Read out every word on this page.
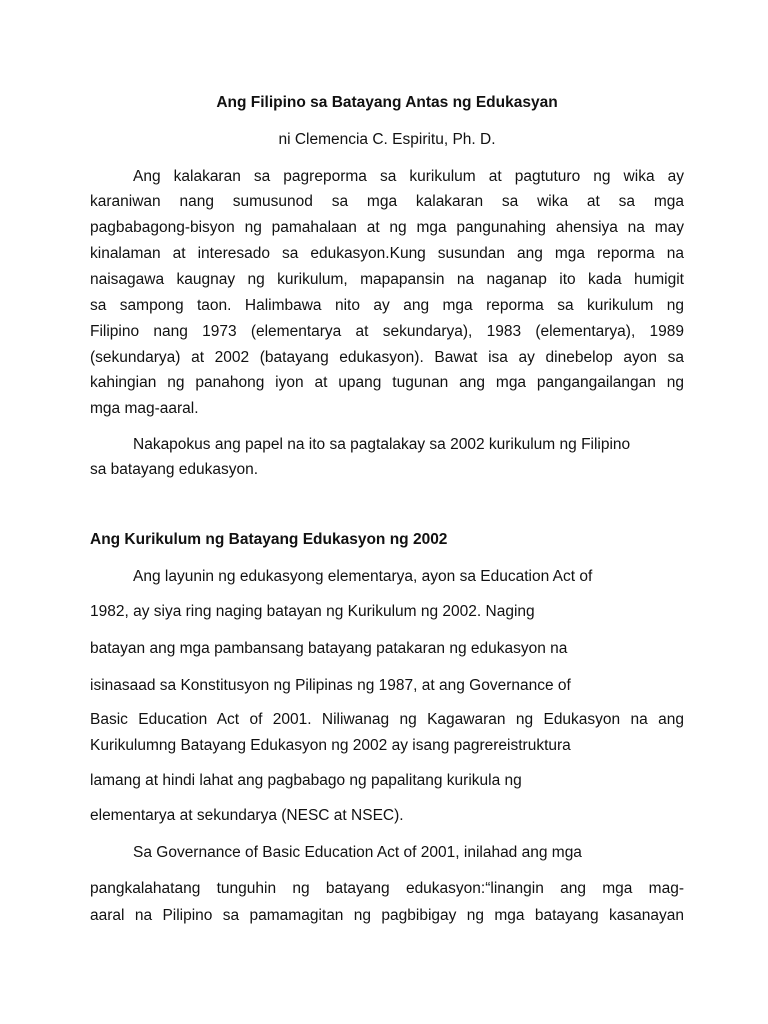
Ang Filipino sa Batayang Antas ng Edukasyan

ni Clemencia C. Espiritu, Ph. D.

Ang kalakaran sa pagreporma sa kurikulum at pagtuturo ng wika ay

karaniwan nang sumusunod sa mga kalakaran sa wika at sa mga

pagbabagong-bisyon ng pamahalaan at ng mga pangunahing ahensiya na may

kinalaman at interesado sa edukasyon.Kung susundan ang mga reporma na

naisagawa kaugnay ng kurikulum, mapapansin na naganap ito kada humigit

sa sampong taon. Halimbawa nito ay ang mga reporma sa kurikulum ng

Filipino nang 1973 (elementarya at sekundarya), 1983 (elementarya), 1989

(sekundarya) at 2002 (batayang edukasyon). Bawat isa ay dinebelop ayon sa

kahingian ng panahong iyon at upang tugunan ang mga pangangailangan ng

mga mag-aaral.

Nakapokus ang papel na ito sa pagtalakay sa 2002 kurikulum ng Filipino

sa batayang edukasyon.

Ang Kurikulum ng Batayang Edukasyon ng 2002

Ang layunin ng edukasyong elementarya, ayon sa Education Act of

1982, ay siya ring naging batayan ng Kurikulum ng 2002. Naging

batayan ang mga pambansang batayang patakaran ng edukasyon na

isinasaad sa Konstitusyon ng Pilipinas ng 1987, at ang Governance of

Basic Education Act of 2001. Niliwanag ng Kagawaran ng Edukasyon na ang

Kurikulumng Batayang Edukasyon ng 2002 ay isang pagrereistruktura

lamang at hindi lahat ang pagbabago ng papalitang kurikula ng

elementarya at sekundarya (NESC at NSEC).

Sa Governance of Basic Education Act of 2001, inilahad ang mga

pangkalahatang tunguhin ng batayang edukasyon:“linangin ang mga mag-

aaral na Pilipino sa pamamagitan ng pagbibigay ng mga batayang kasanayan
